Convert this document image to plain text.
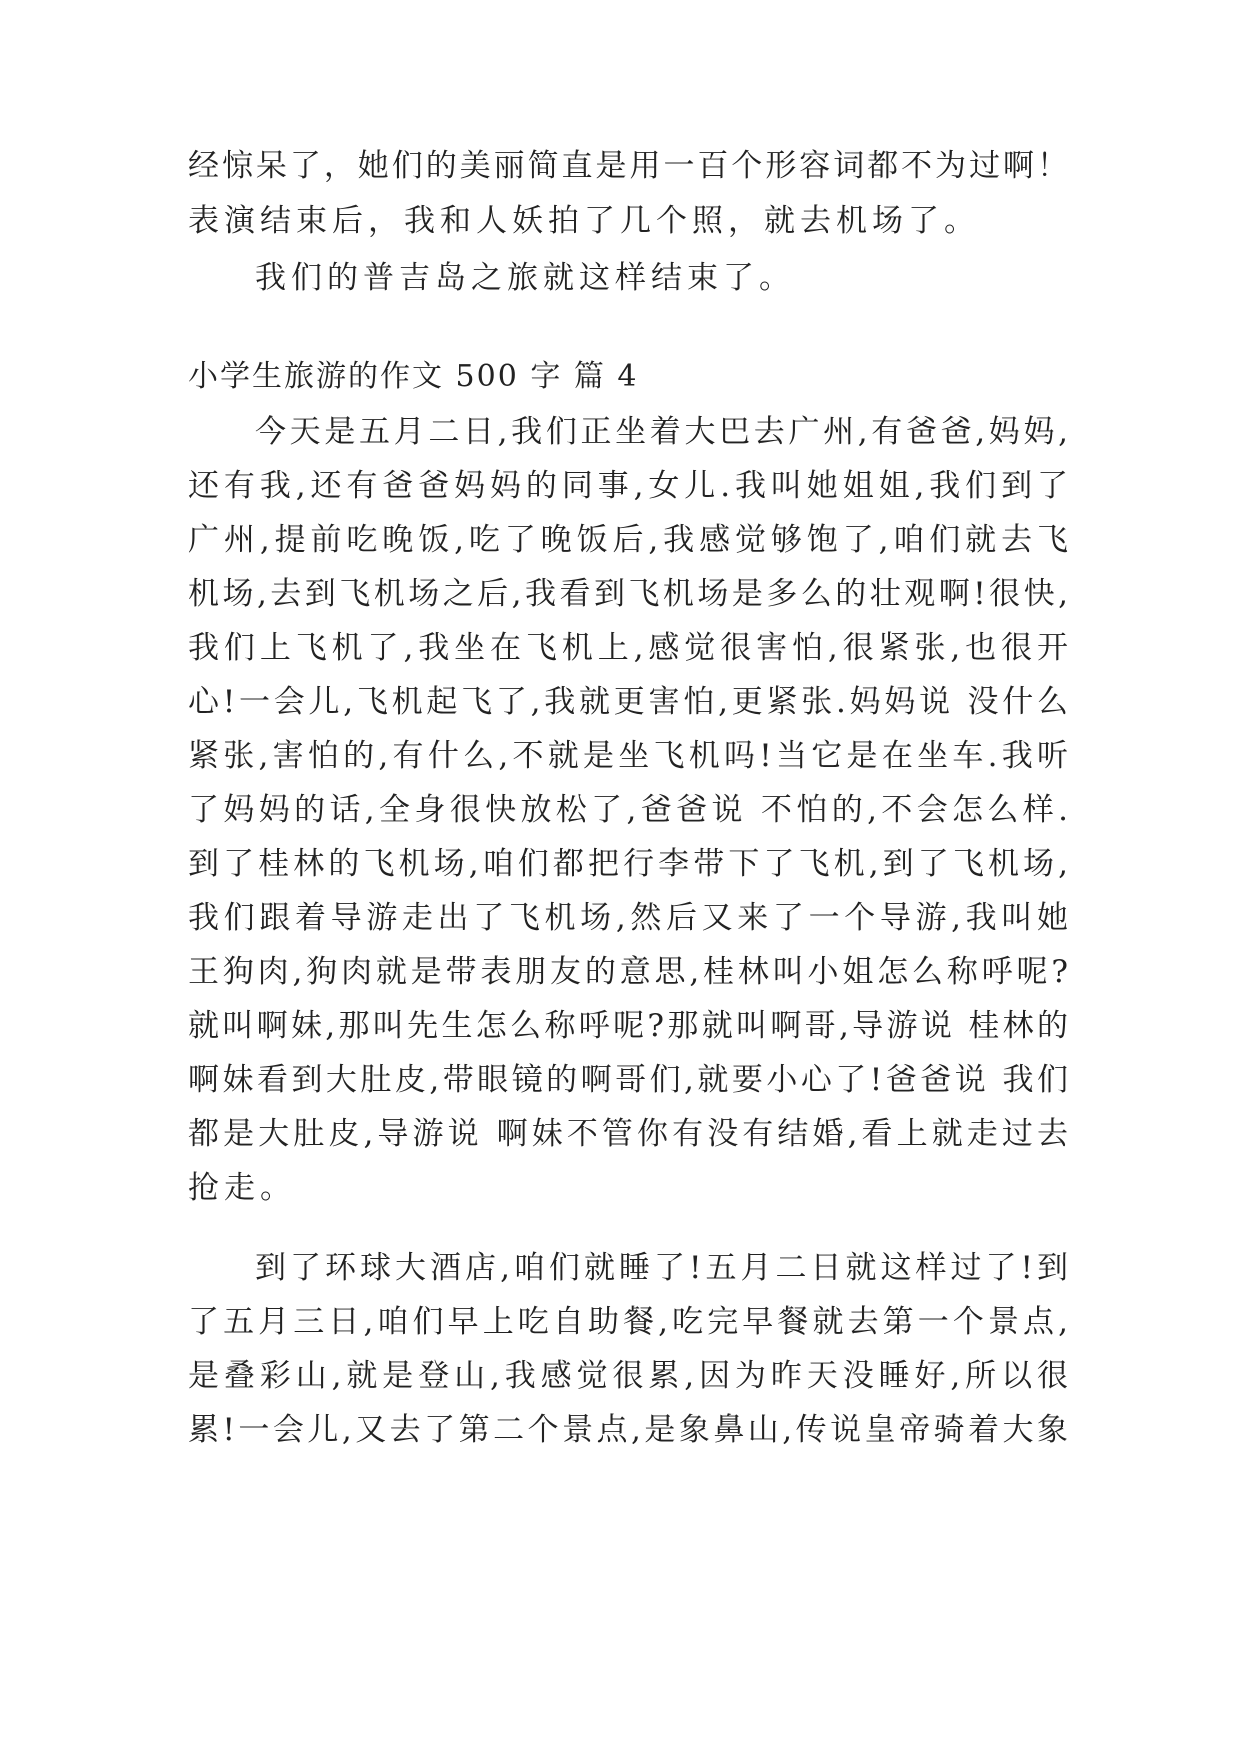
经惊呆了，她们的美丽简直是用一百个形容词都不为过啊！

表演结束后，我和人妖拍了几个照，就去机场了。

我们的普吉岛之旅就这样结束了。

小学生旅游的作文 500 字 篇 4

今天是五月二日,我们正坐着大巴去广州,有爸爸,妈妈,

还有我,还有爸爸妈妈的同事,女儿.我叫她姐姐,我们到了

广州,提前吃晚饭,吃了晚饭后,我感觉够饱了,咱们就去飞

机场,去到飞机场之后,我看到飞机场是多么的壮观啊!很快,

我们上飞机了,我坐在飞机上,感觉很害怕,很紧张,也很开

心!一会儿,飞机起飞了,我就更害怕,更紧张.妈妈说 没什么

紧张,害怕的,有什么,不就是坐飞机吗!当它是在坐车.我听

了妈妈的话,全身很快放松了,爸爸说 不怕的,不会怎么样.

到了桂林的飞机场,咱们都把行李带下了飞机,到了飞机场,

我们跟着导游走出了飞机场,然后又来了一个导游,我叫她

王狗肉,狗肉就是带表朋友的意思,桂林叫小姐怎么称呼呢?

就叫啊妹,那叫先生怎么称呼呢?那就叫啊哥,导游说 桂林的

啊妹看到大肚皮,带眼镜的啊哥们,就要小心了!爸爸说 我们

都是大肚皮,导游说 啊妹不管你有没有结婚,看上就走过去

抢走。

到了环球大酒店,咱们就睡了!五月二日就这样过了!到

了五月三日,咱们早上吃自助餐,吃完早餐就去第一个景点,

是叠彩山,就是登山,我感觉很累,因为昨天没睡好,所以很

累!一会儿,又去了第二个景点,是象鼻山,传说皇帝骑着大象
